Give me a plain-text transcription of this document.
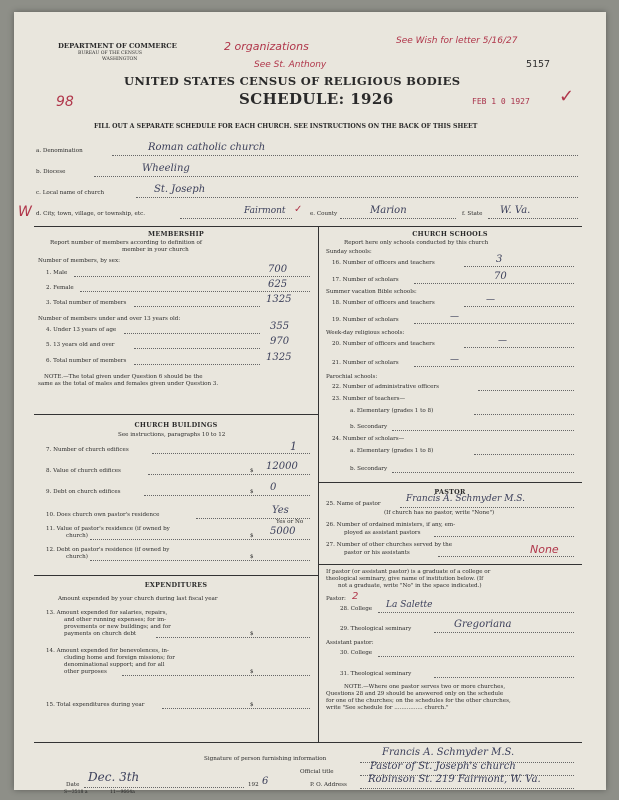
DEPARTMENT OF COMMERCE
BUREAU OF THE CENSUS
WASHINGTON
2 organizations	See Wish for letter 5/16/27
See St. Anthony	5157
UNITED STATES CENSUS OF RELIGIOUS BODIES
SCHEDULE: 1926	FEB 1 0 1927
98	✓
FILL OUT A SEPARATE SCHEDULE FOR EACH CHURCH. SEE INSTRUCTIONS ON THE BACK OF THIS SHEET
a. Denomination	Roman catholic church
b. Diocese	Wheeling
c. Local name of church	St. Joseph
W d. City, town, village, or township, etc.	Fairmont ✓ e. County	Marion	f. State W. Va.
MEMBERSHIP
Report number of members according to definition of
member in your church
Number of members, by sex:
1. Male	700
2. Female	625
3. Total number of members	1325
Number of members under and over 13 years old:
4. Under 13 years of age	355
5. 13 years old and over	970
6. Total number of members	1325
NOTE.—The total given under Question 6 should be the
same as the total of males and females given under Question 3.
CHURCH BUILDINGS
See instructions, paragraphs 10 to 12
7. Number of church edifices	1
8. Value of church edifices	$ 12000
9. Debt on church edifices	$ 0
10. Does church own pastor's residence	Yes
Yes or No
11. Value of pastor's residence (if owned by
church)	$ 5000
12. Debt on pastor's residence (if owned by
church)	$
EXPENDITURES
Amount expended by your church during last fiscal year
13. Amount expended for salaries, repairs,
and other running expenses; for im-
provements or new buildings; and for
payments on church debt	$
14. Amount expended for benevolences, in-
cluding home and foreign missions; for
denominational support; and for all
other purposes	$
15. Total expenditures during year	$
CHURCH SCHOOLS
Report here only schools conducted by this church
Sunday schools:
16. Number of officers and teachers	3
17. Number of scholars	70
Summer vacation Bible schools:
18. Number of officers and teachers	—
19. Number of scholars	—
Week-day religious schools:
20. Number of officers and teachers	—
21. Number of scholars	—
Parochial schools:
22. Number of administrative officers
23. Number of teachers—
a. Elementary (grades 1 to 8)
b. Secondary
24. Number of scholars—
a. Elementary (grades 1 to 8)
b. Secondary
PASTOR
25. Name of pastor	Francis A. Schmyder M.S.
(If church has no pastor, write "None")
26. Number of ordained ministers, if any, em-
ployed as assistant pastors
27. Number of other churches served by the
pastor or his assistants	None
If pastor (or assistant pastor) is a graduate of a college or
theological seminary, give name of institution below. (If
not a graduate, write "No" in the space indicated.)
Pastor: 2
28. College La Salette
29. Theological seminary	Gregoriana
Assistant pastor:
30. College
31. Theological seminary
NOTE.—Where one pastor serves two or more churches,
Questions 28 and 29 should be answered only on the schedule
for one of the churches; on the schedules for the other churches,
write "See schedule for ................ church."
Signature of person furnishing information
Francis A. Schmyder M.S.
Official title	Pastor of St. Joseph's church
Date
Dec. 3th
192 6	P. O. Address Robinson St. 219 Fairmont, W. Va.
S—3518 a	11—9664a
